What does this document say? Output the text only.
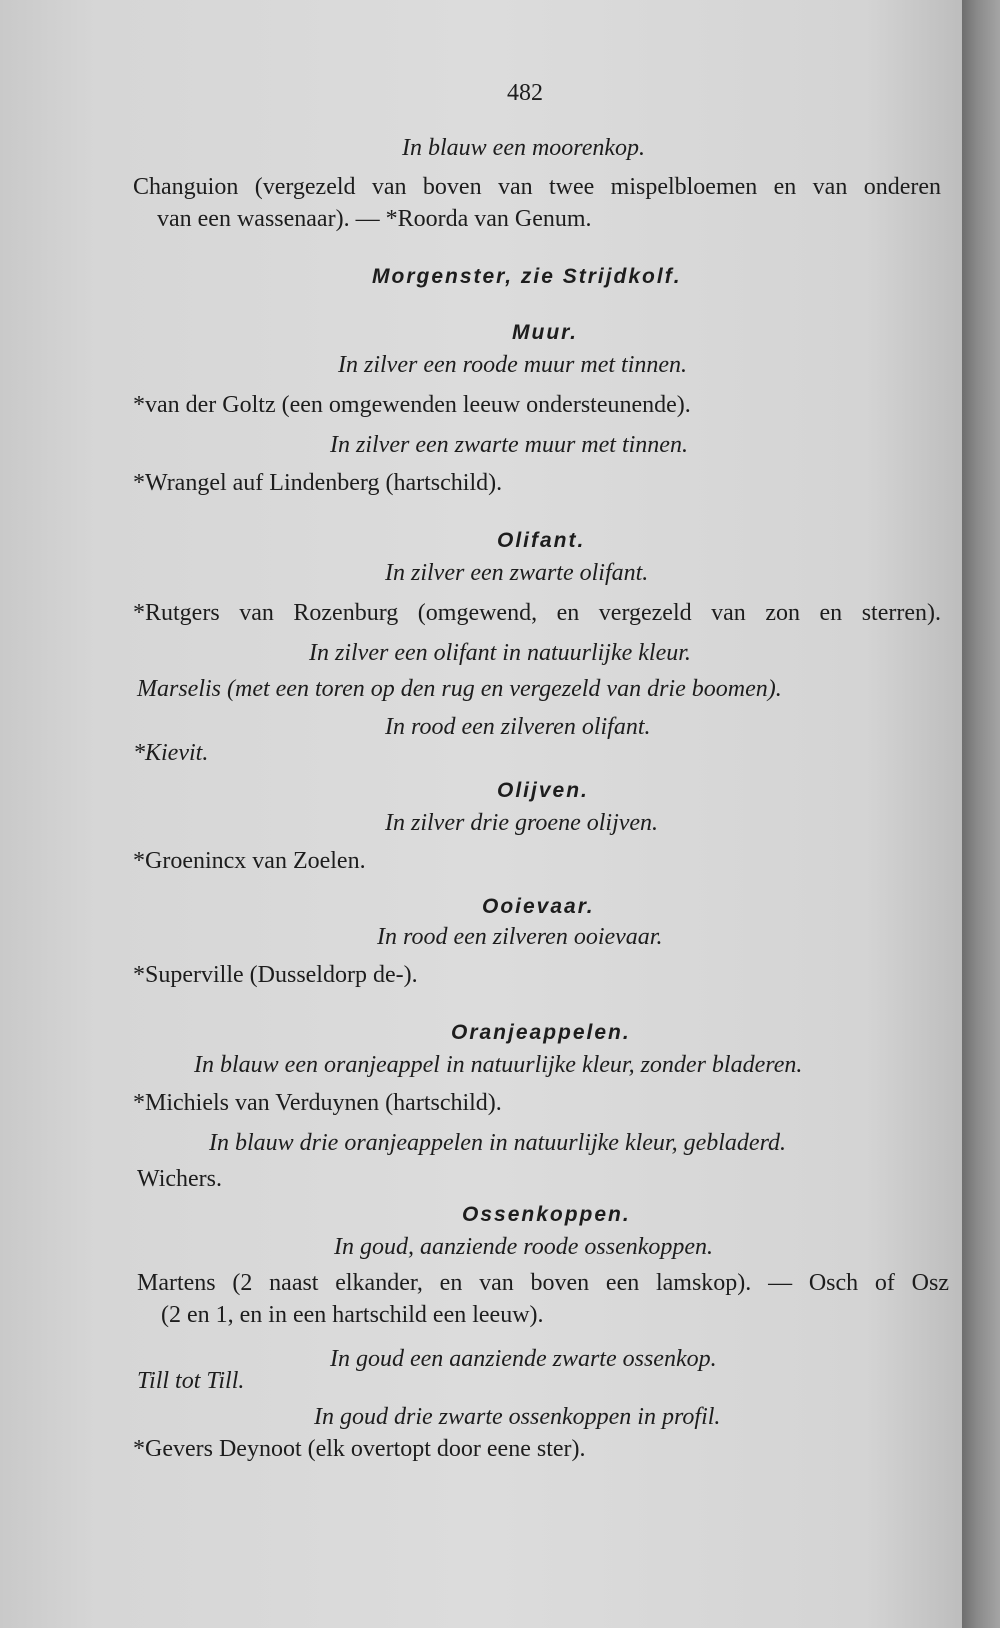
482
In blauw een moorenkop.
Changuion (vergezeld van boven van twee mispelbloemen en van onderen
van een wassenaar). — *Roorda van Genum.
Morgenster, zie Strijdkolf.
Muur.
In zilver een roode muur met tinnen.
*van der Goltz (een omgewenden leeuw ondersteunende).
In zilver een zwarte muur met tinnen.
*Wrangel auf Lindenberg (hartschild).
Olifant.
In zilver een zwarte olifant.
*Rutgers van Rozenburg (omgewend, en vergezeld van zon en sterren).
In zilver een olifant in natuurlijke kleur.
Marselis (met een toren op den rug en vergezeld van drie boomen).
In rood een zilveren olifant.
*Kievit.
Olijven.
In zilver drie groene olijven.
*Groenincx van Zoelen.
Ooievaar.
In rood een zilveren ooievaar.
*Superville (Dusseldorp de-).
Oranjeappelen.
In blauw een oranjeappel in natuurlijke kleur, zonder bladeren.
*Michiels van Verduynen (hartschild).
In blauw drie oranjeappelen in natuurlijke kleur, gebladerd.
Wichers.
Ossenkoppen.
In goud, aanziende roode ossenkoppen.
Martens (2 naast elkander, en van boven een lamskop). — Osch of Osz
(2 en 1, en in een hartschild een leeuw).
In goud een aanziende zwarte ossenkop.
Till tot Till.
In goud drie zwarte ossenkoppen in profil.
*Gevers Deynoot (elk overtopt door eene ster).
